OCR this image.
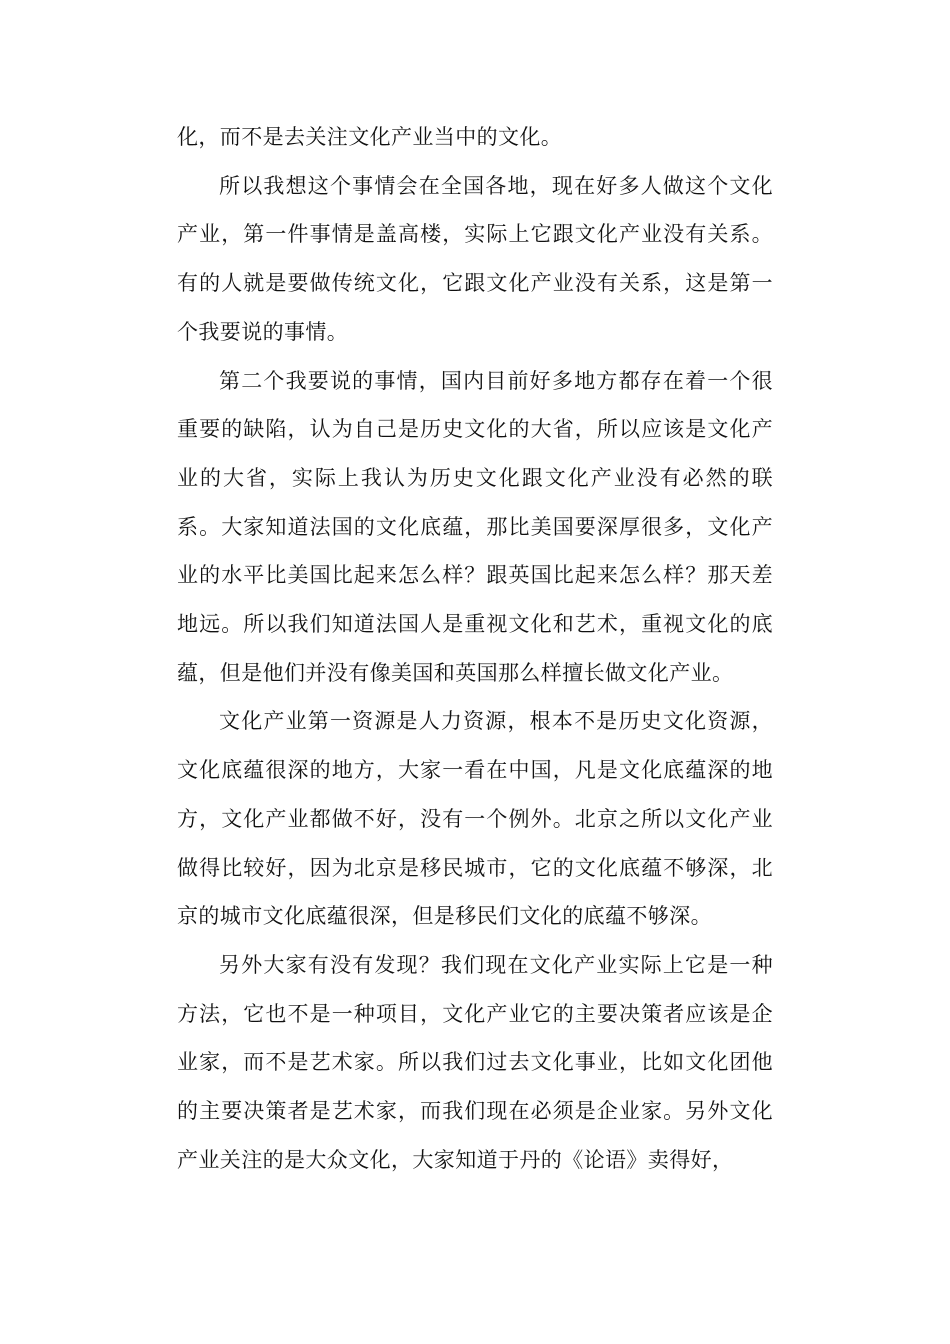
化，而不是去关注文化产业当中的文化。

所以我想这个事情会在全国各地，现在好多人做这个文化产业，第一件事情是盖高楼，实际上它跟文化产业没有关系。有的人就是要做传统文化，它跟文化产业没有关系，这是第一个我要说的事情。

第二个我要说的事情，国内目前好多地方都存在着一个很重要的缺陷，认为自己是历史文化的大省，所以应该是文化产业的大省，实际上我认为历史文化跟文化产业没有必然的联系。大家知道法国的文化底蕴，那比美国要深厚很多，文化产业的水平比美国比起来怎么样？跟英国比起来怎么样？那天差地远。所以我们知道法国人是重视文化和艺术，重视文化的底蕴，但是他们并没有像美国和英国那么样擅长做文化产业。

文化产业第一资源是人力资源，根本不是历史文化资源，文化底蕴很深的地方，大家一看在中国，凡是文化底蕴深的地方，文化产业都做不好，没有一个例外。北京之所以文化产业做得比较好，因为北京是移民城市，它的文化底蕴不够深，北京的城市文化底蕴很深，但是移民们文化的底蕴不够深。

另外大家有没有发现？我们现在文化产业实际上它是一种方法，它也不是一种项目，文化产业它的主要决策者应该是企业家，而不是艺术家。所以我们过去文化事业，比如文化团他的主要决策者是艺术家，而我们现在必须是企业家。另外文化产业关注的是大众文化，大家知道于丹的《论语》卖得好，
